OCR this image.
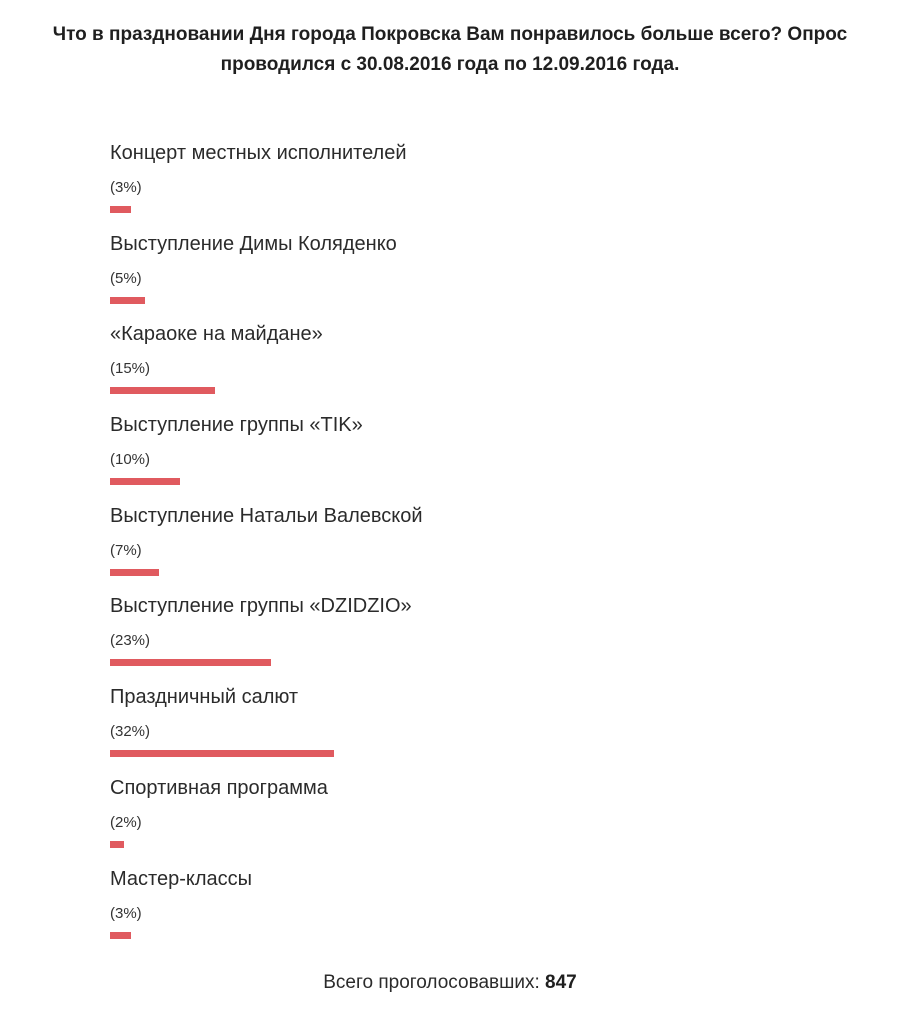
Что в праздновании Дня города Покровска Вам понравилось больше всего? Опрос проводился с 30.08.2016 года по 12.09.2016 года.
Концерт местных исполнителей
(3%)
Выступление Димы Коляденко
(5%)
«Караоке на майдане»
(15%)
Выступление группы «TIK»
(10%)
Выступление Натальи Валевской
(7%)
Выступление группы «DZIDZIO»
(23%)
Праздничный салют
(32%)
Спортивная программа
(2%)
Мастер-классы
(3%)
Всего проголосовавших: 847
